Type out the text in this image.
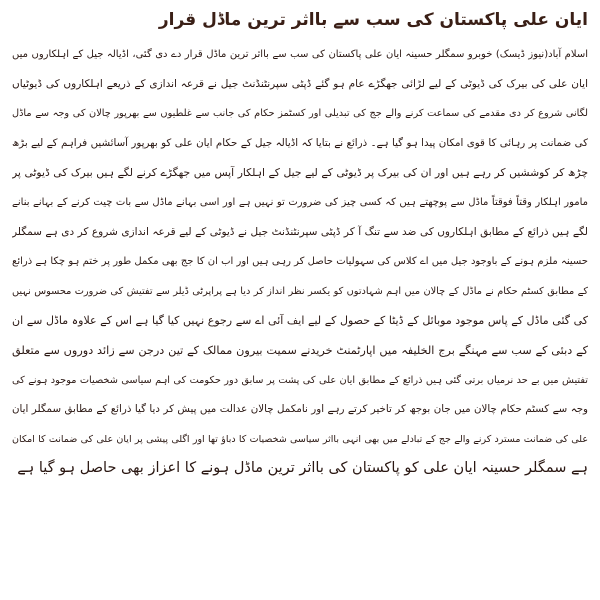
ایان علی پاکستان کی سب سے بااثر ترین ماڈل قرار
اسلام آباد(نیوز ڈیسک) خوبرو سمگلر حسینہ ایان علی پاکستان کی سب سے بااثر ترین ماڈل قرار دے دی گئی، اڈیالہ جیل کے اہلکاروں میں
ایان علی کی بیرک کی ڈیوٹی کے لیے لڑائی جھگڑے عام ہو گئے ڈپٹی سپرنٹنڈنٹ جیل نے قرعہ اندازی کے ذریعے اہلکاروں کی ڈیوٹیاں
لگانی شروع کر دی مقدمے کی سماعت کرنے والے جج کی تبدیلی اور کسٹمز حکام کی جانب سے غلطیوں سے بھرپور چالان کی وجہ سے ماڈل
کی ضمانت پر رہائی کا قوی امکان پیدا ہو گیا ہے۔ ذرائع نے بتایا کہ اڈیالہ جیل کے حکام ایان علی کو بھرپور آسائشیں فراہم کے لیے بڑھ
چڑھ کر کوششیں کر رہے ہیں اور ان کی بیرک پر ڈیوٹی کے لیے جیل کے اہلکار آپس میں جھگڑے کرنے لگے ہیں بیرک کی ڈیوٹی پر
مامور اہلکار وقتاً فوقتاً ماڈل سے پوچھتے ہیں کہ کسی چیز کی ضرورت تو نہیں ہے اور اسی بہانے ماڈل سے بات چیت کرنے کے بہانے بنانے
لگے ہیں ذرائع کے مطابق اہلکاروں کی ضد سے تنگ آ کر ڈپٹی سپرنٹنڈنٹ جیل نے ڈیوٹی کے لیے قرعہ اندازی شروع کر دی ہے سمگلر
حسینہ ملزم ہونے کے باوجود جیل میں اے کلاس کی سہولیات حاصل کر رہی ہیں اور اب ان کا جج بھی مکمل طور پر ختم ہو چکا ہے ذرائع
کے مطابق کسٹم حکام نے ماڈل کے چالان میں اہم شہادتوں کو یکسر نظر انداز کر دیا ہے پراپرٹی ڈیلر سے تفتیش کی ضرورت محسوس نہیں
کی گئی ماڈل کے پاس موجود موبائل کے ڈیٹا کے حصول کے لیے ایف آئی اے سے رجوع نہیں کیا گیا ہے اس کے علاوہ ماڈل سے ان
کے دبئی کے سب سے مہنگے برج الخلیفہ میں اپارٹمنٹ خریدنے سمیت بیرون ممالک کے تین درجن سے زائد دوروں سے متعلق
تفتیش میں بے حد نرمیاں برتی گئی ہیں ذرائع کے مطابق ایان علی کی پشت پر سابق دور حکومت کی اہم سیاسی شخصیات موجود ہونے کی
وجہ سے کسٹم حکام چالان میں جان بوجھ کر تاخیر کرتے رہے اور نامکمل چالان عدالت میں پیش کر دیا گیا ذرائع کے مطابق سمگلر ایان
علی کی ضمانت مسترد کرنے والے جج کے تبادلے میں بھی انہی بااثر سیاسی شخصیات کا دباؤ تھا اور اگلی پیشی پر ایان علی کی ضمانت کا امکان
ہے سمگلر حسینہ ایان علی کو پاکستان کی بااثر ترین ماڈل ہونے کا اعزاز بھی حاصل ہو گیا ہے
